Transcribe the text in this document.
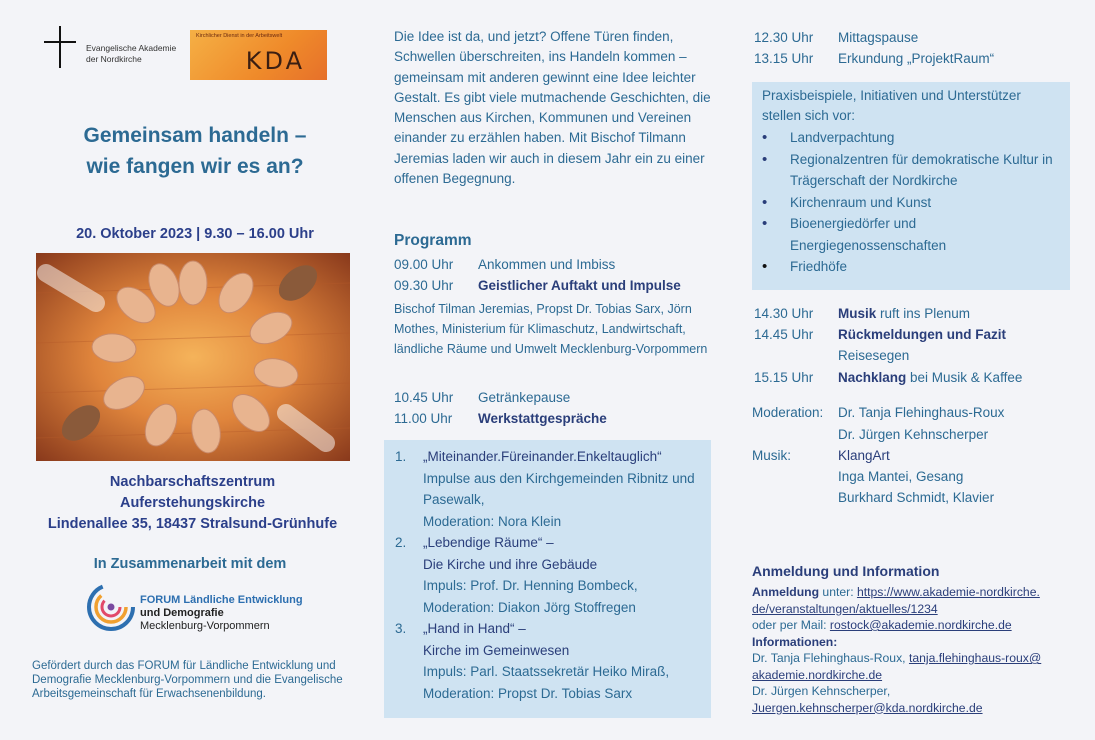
Evangelische Akademie der Nordkirche
Kirchlicher Dienst in der Arbeitswelt
KDA
Gemeinsam handeln –
wie fangen wir es an?
20. Oktober 2023 | 9.30 – 16.00 Uhr
Nachbarschaftszentrum
Auferstehungskirche
Lindenallee 35, 18437 Stralsund-Grünhufe
In Zusammenarbeit mit dem
FORUM Ländliche Entwicklung
und Demografie
Mecklenburg-Vorpommern
Gefördert durch das FORUM für Ländliche Entwicklung und Demografie Mecklenburg-Vorpommern und die Evangelische Arbeitsgemeinschaft für Erwachsenenbildung.
Die Idee ist da, und jetzt? Offene Türen finden, Schwellen überschreiten, ins Handeln kommen – gemeinsam mit anderen gewinnt eine Idee leichter Gestalt. Es gibt viele mutmachende Geschichten, die Menschen aus Kirchen, Kommunen und Vereinen einander zu erzählen haben. Mit Bischof Tilmann Jeremias laden wir auch in diesem Jahr ein zu einer offenen Begegnung.
Programm
09.00 Uhr Ankommen und Imbiss
09.30 Uhr Geistlicher Auftakt und Impulse
Bischof Tilman Jeremias, Propst Dr. Tobias Sarx, Jörn Mothes, Ministerium für Klimaschutz, Landwirtschaft, ländliche Räume und Umwelt Mecklenburg-Vorpommern
10.45 Uhr Getränkepause
11.00 Uhr Werkstattgespräche
1. „Miteinander.Füreinander.Enkeltauglich“
Impulse aus den Kirchgemeinden Ribnitz und Pasewalk,
Moderation: Nora Klein
2. „Lebendige Räume“ –
Die Kirche und ihre Gebäude
Impuls: Prof. Dr. Henning Bombeck,
Moderation: Diakon Jörg Stoffregen
3. „Hand in Hand“ –
Kirche im Gemeinwesen
Impuls: Parl. Staatssekretär Heiko Miraß,
Moderation: Propst Dr. Tobias Sarx
12.30 Uhr Mittagspause
13.15 Uhr Erkundung „ProjektRaum“
Praxisbeispiele, Initiativen und Unterstützer stellen sich vor:
• Landverpachtung
• Regionalzentren für demokratische Kultur in Trägerschaft der Nordkirche
• Kirchenraum und Kunst
• Bioenergiedörfer und Energiegenossenschaften
• Friedhöfe
14.30 Uhr Musik ruft ins Plenum
14.45 Uhr Rückmeldungen und Fazit
Reisesegen
15.15 Uhr Nachklang bei Musik & Kaffee
Moderation: Dr. Tanja Flehinghaus-Roux
Dr. Jürgen Kehnscherper
Musik:	KlangArt
Inga Mantei, Gesang
Burkhard Schmidt, Klavier
Anmeldung und Information
Anmeldung unter: https://www.akademie-nordkirche.de/veranstaltungen/aktuelles/1234
oder per Mail: rostock@akademie.nordkirche.de
Informationen:
Dr. Tanja Flehinghaus-Roux, tanja.flehinghaus-roux@akademie.nordkirche.de
Dr. Jürgen Kehnscherper,
Juergen.kehnscherper@kda.nordkirche.de
